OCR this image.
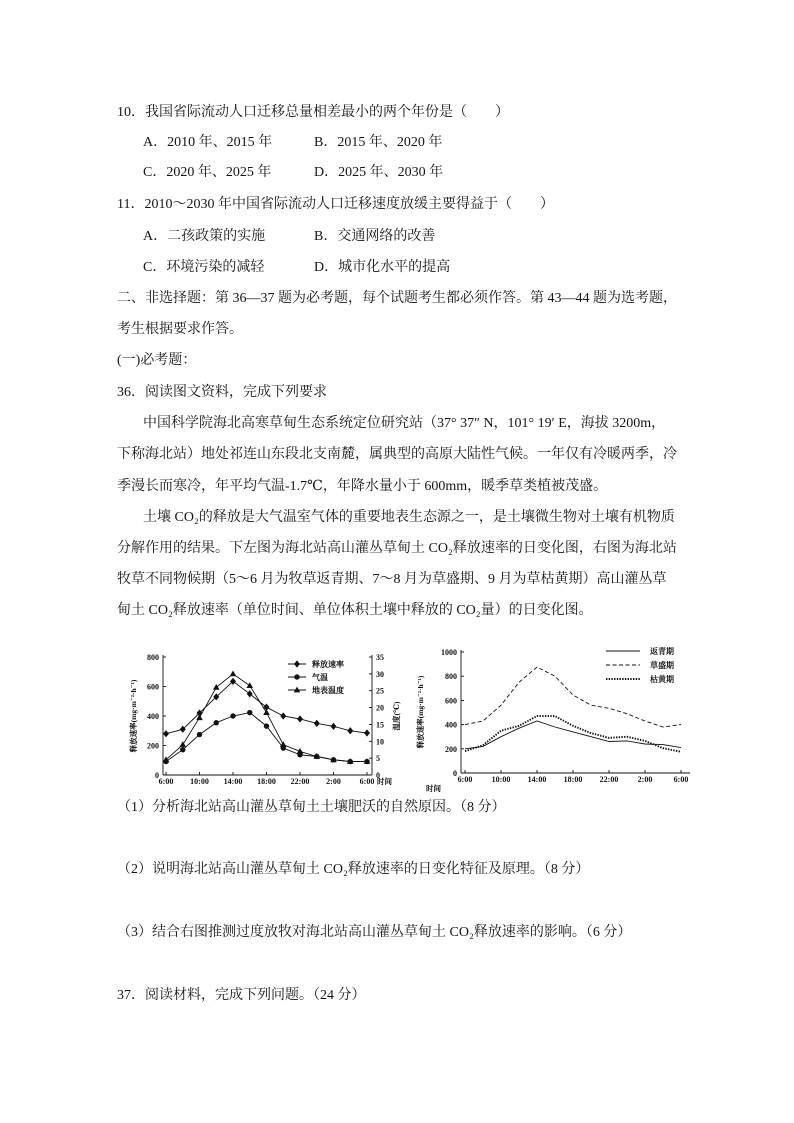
10．我国省际流动人口迁移总量相差最小的两个年份是（　　）
A．2010 年、2015 年	B．2015 年、2020 年
C．2020 年、2025 年	D．2025 年、2030 年
11．2010～2030 年中国省际流动人口迁移速度放缓主要得益于（　　）
A．二孩政策的实施	B．交通网络的改善
C．环境污染的减轻	D．城市化水平的提高
二、非选择题：第 36—37 题为必考题，每个试题考生都必须作答。第 43—44 题为选考题，
考生根据要求作答。
(一)必考题：
36．阅读图文资料，完成下列要求
中国科学院海北高寒草甸生态系统定位研究站（37° 37″ N，101° 19′ E，海拔 3200m，
下称海北站）地处祁连山东段北支南麓，属典型的高原大陆性气候。一年仅有冷暖两季，冷
季漫长而寒冷，年平均气温-1.7℃，年降水量小于 600mm，暖季草类植被茂盛。
土壤 CO₂的释放是大气温室气体的重要地表生态源之一，是土壤微生物对土壤有机物质
分解作用的结果。下左图为海北站高山灌丛草甸土 CO₂释放速率的日变化图，右图为海北站
牧草不同物候期（5～6 月为牧草返青期、7～8 月为草盛期、9 月为草枯黄期）高山灌丛草
甸土 CO₂释放速率（单位时间、单位体积土壤中释放的 CO₂量）的日变化图。
0
200
400
600
800
0
5
10
15
20
25
30
35
6:00 10:00 14:00 18:00 22:00 2:00 6:00 时间
释放速率(mg·m⁻²·h⁻¹)	温度(℃)
释放速率
气温
地表温度
0
200
400
600
800
1000
6:00 10:00 14:00 18:00 22:00 2:00	6:00
时间
释放速率(mg·m⁻²·h⁻¹)
返青期
草盛期
枯黄期
（1）分析海北站高山灌丛草甸土土壤肥沃的自然原因。（8 分）
（2）说明海北站高山灌丛草甸土 CO₂释放速率的日变化特征及原理。（8 分）
（3）结合右图推测过度放牧对海北站高山灌丛草甸土 CO₂释放速率的影响。（6 分）
37．阅读材料，完成下列问题。（24 分）
